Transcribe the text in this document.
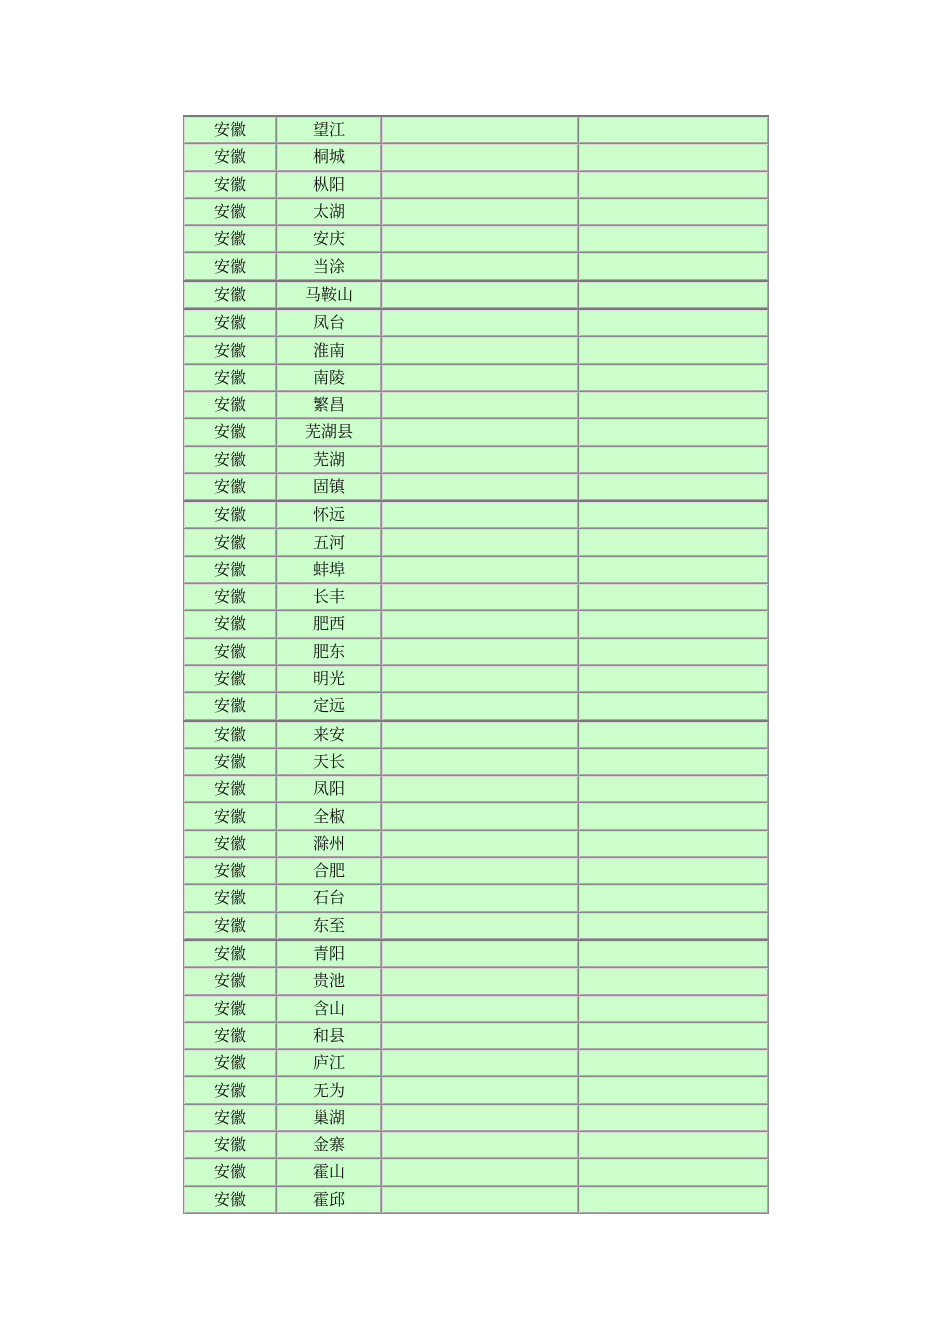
安徽	望江		
安徽	桐城		
安徽	枞阳		
安徽	太湖		
安徽	安庆		
安徽	当涂		
安徽	马鞍山		
安徽	凤台		
安徽	淮南		
安徽	南陵		
安徽	繁昌		
安徽	芜湖县		
安徽	芜湖		
安徽	固镇		
安徽	怀远		
安徽	五河		
安徽	蚌埠		
安徽	长丰		
安徽	肥西		
安徽	肥东		
安徽	明光		
安徽	定远		
安徽	来安		
安徽	天长		
安徽	凤阳		
安徽	全椒		
安徽	滁州		
安徽	合肥		
安徽	石台		
安徽	东至		
安徽	青阳		
安徽	贵池		
安徽	含山		
安徽	和县		
安徽	庐江		
安徽	无为		
安徽	巢湖		
安徽	金寨		
安徽	霍山		
安徽	霍邱		
